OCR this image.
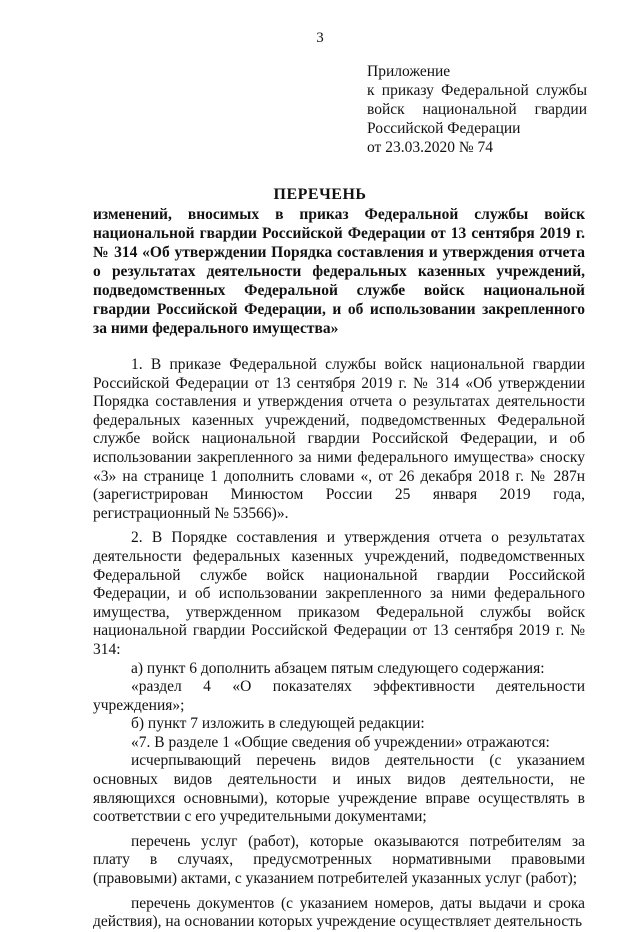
3
Приложение
к приказу Федеральной службы
войск национальной гвардии
Российской Федерации
от 23.03.2020 № 74
ПЕРЕЧЕНЬ
изменений, вносимых в приказ Федеральной службы войск национальной гвардии Российской Федерации от 13 сентября 2019 г. № 314 «Об утверждении Порядка составления и утверждения отчета о результатах деятельности федеральных казенных учреждений, подведомственных Федеральной службе войск национальной гвардии Российской Федерации, и об использовании закрепленного за ними федерального имущества»

1. В приказе Федеральной службы войск национальной гвардии Российской Федерации от 13 сентября 2019 г. № 314 «Об утверждении Порядка составления и утверждения отчета о результатах деятельности федеральных казенных учреждений, подведомственных Федеральной службе войск национальной гвардии Российской Федерации, и об использовании закрепленного за ними федерального имущества» сноску «3» на странице 1 дополнить словами «, от 26 декабря 2018 г. № 287н (зарегистрирован Минюстом России 25 января 2019 года, регистрационный № 53566)».

2. В Порядке составления и утверждения отчета о результатах деятельности федеральных казенных учреждений, подведомственных Федеральной службе войск национальной гвардии Российской Федерации, и об использовании закрепленного за ними федерального имущества, утвержденном приказом Федеральной службы войск национальной гвардии Российской Федерации от 13 сентября 2019 г. № 314:

а) пункт 6 дополнить абзацем пятым следующего содержания:

«раздел 4 «О показателях эффективности деятельности учреждения»;

б) пункт 7 изложить в следующей редакции:

«7. В разделе 1 «Общие сведения об учреждении» отражаются:

исчерпывающий перечень видов деятельности (с указанием основных видов деятельности и иных видов деятельности, не являющихся основными), которые учреждение вправе осуществлять в соответствии с его учредительными документами;

перечень услуг (работ), которые оказываются потребителям за плату в случаях, предусмотренных нормативными правовыми (правовыми) актами, с указанием потребителей указанных услуг (работ);

перечень документов (с указанием номеров, даты выдачи и срока действия), на основании которых учреждение осуществляет деятельность
